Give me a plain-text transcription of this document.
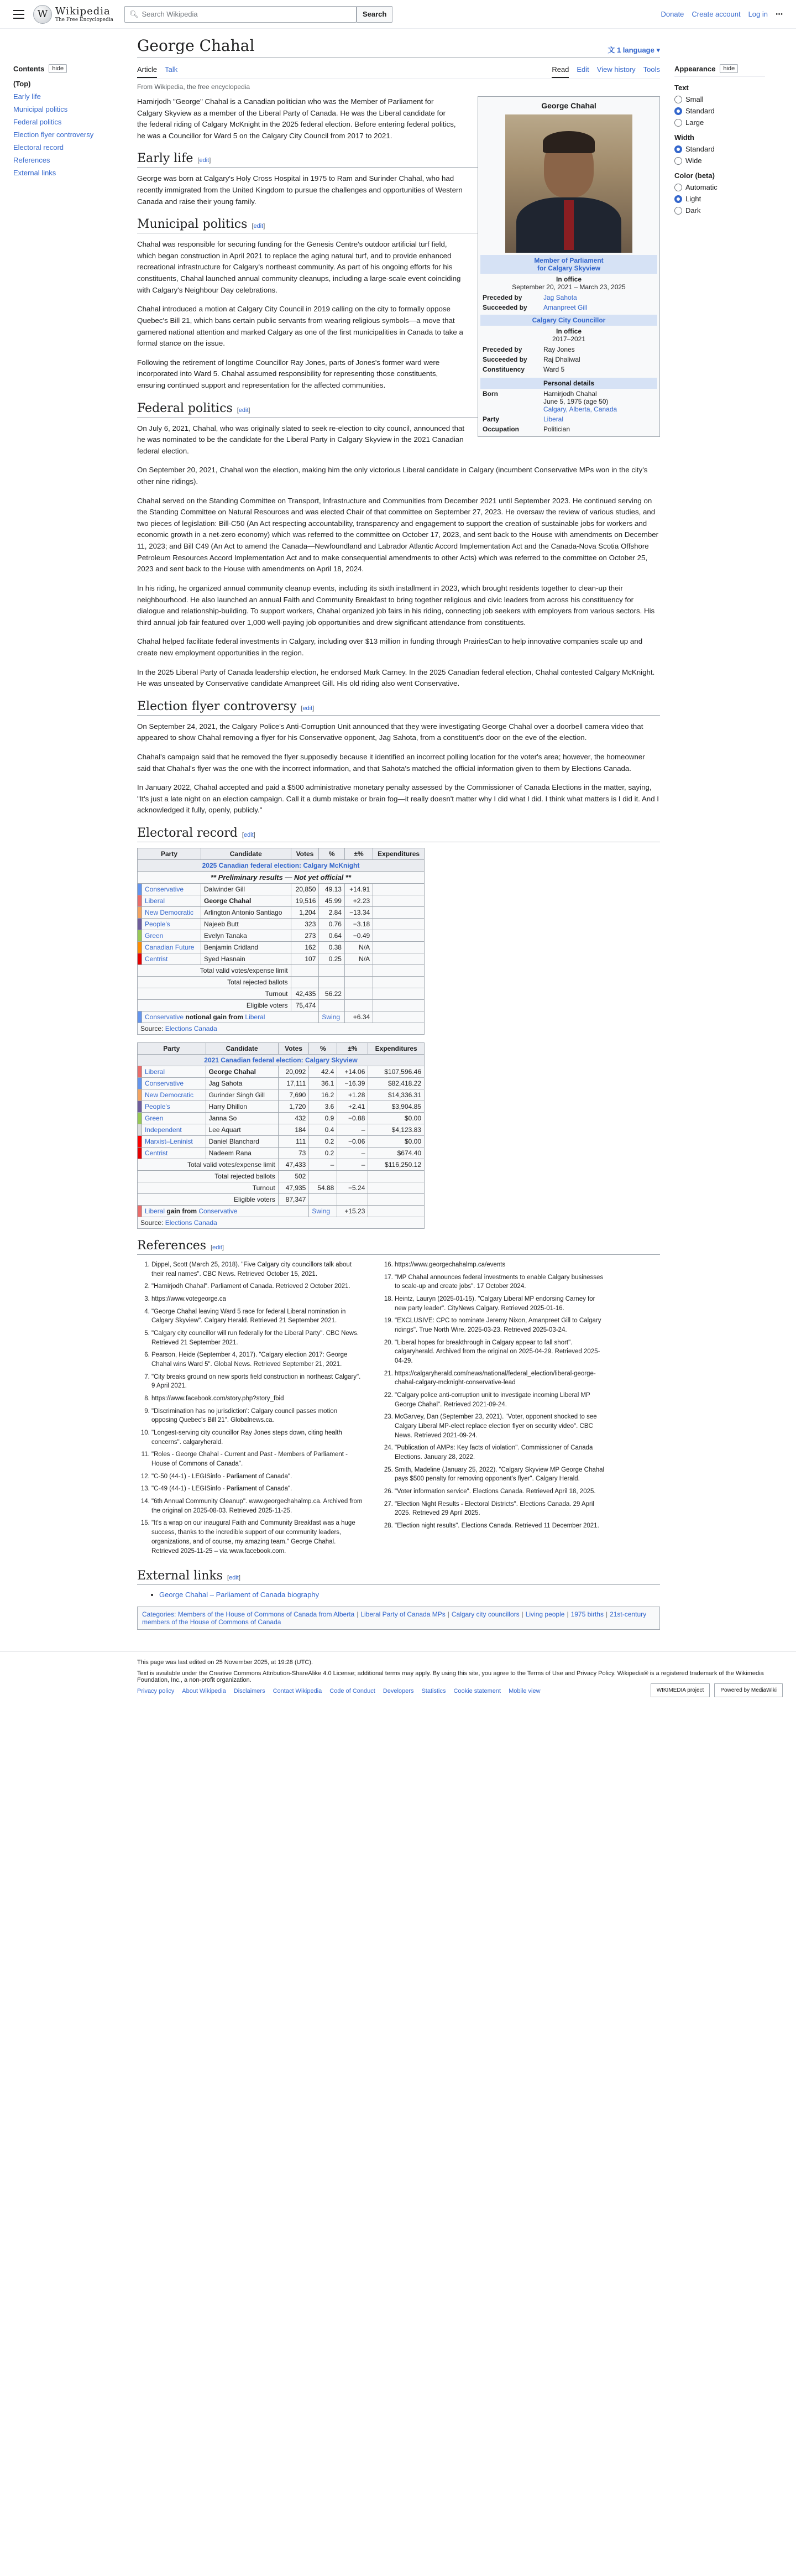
W Wikipedia
The Free Encyclopedia
🔍︎ Search Wikipedia	Search	Donate Create account Log in ⋯
Contents	hide
(Top)
Early life
Municipal politics
Federal politics
Election flyer controversy
Electoral record
References
External links
George Chahal	文︎ 1 language ▾
Article Talk	Read Edit View history Tools
From Wikipedia, the free encyclopedia
George Chahal
Member of Parliament
for Calgary Skyview
In office
September 20, 2021 – March 23, 2025
Preceded by	Jag Sahota
Succeeded by	Amanpreet Gill
Calgary City Councillor
In office
2017–2021
Preceded by	Ray Jones
Succeeded by	Raj Dhaliwal
Constituency	Ward 5
Personal details
Born	Harnirjodh Chahal
June 5, 1975 (age 50)
Calgary, Alberta, Canada
Party	Liberal
Occupation	Politician

Harnirjodh "George" Chahal is a Canadian politician who was the Member of Parliament for Calgary Skyview as a member of the Liberal Party of Canada. He was the Liberal candidate for the federal riding of Calgary McKnight in the 2025 federal election. Before entering federal politics, he was a Councillor for Ward 5 on the Calgary City Council from 2017 to 2021.

Early life [edit]

George was born at Calgary's Holy Cross Hospital in 1975 to Ram and Surinder Chahal, who had recently immigrated from the United Kingdom to pursue the challenges and opportunities of Western Canada and raise their young family.

Municipal politics [edit]

Chahal was responsible for securing funding for the Genesis Centre's outdoor artificial turf field, which began construction in April 2021 to replace the aging natural turf, and to provide enhanced recreational infrastructure for Calgary's northeast community. As part of his ongoing efforts for his constituents, Chahal launched annual community cleanups, including a large-scale event coinciding with Calgary's Neighbour Day celebrations.

Chahal introduced a motion at Calgary City Council in 2019 calling on the city to formally oppose Quebec's Bill 21, which bans certain public servants from wearing religious symbols—a move that garnered national attention and marked Calgary as one of the first municipalities in Canada to take a formal stance on the issue.

Following the retirement of longtime Councillor Ray Jones, parts of Jones's former ward were incorporated into Ward 5. Chahal assumed responsibility for representing those constituents, ensuring continued support and representation for the affected communities.

Federal politics [edit]

On July 6, 2021, Chahal, who was originally slated to seek re-election to city council, announced that he was nominated to be the candidate for the Liberal Party in Calgary Skyview in the 2021 Canadian federal election.

On September 20, 2021, Chahal won the election, making him the only victorious Liberal candidate in Calgary (incumbent Conservative MPs won in the city's other nine ridings).

Chahal served on the Standing Committee on Transport, Infrastructure and Communities from December 2021 until September 2023. He continued serving on the Standing Committee on Natural Resources and was elected Chair of that committee on September 27, 2023. He oversaw the review of various studies, and two pieces of legislation: Bill-C50 (An Act respecting accountability, transparency and engagement to support the creation of sustainable jobs for workers and economic growth in a net-zero economy) which was referred to the committee on October 17, 2023, and sent back to the House with amendments on December 11, 2023; and Bill C49 (An Act to amend the Canada—Newfoundland and Labrador Atlantic Accord Implementation Act and the Canada-Nova Scotia Offshore Petroleum Resources Accord Implementation Act and to make consequential amendments to other Acts) which was referred to the committee on October 25, 2023 and sent back to the House with amendments on April 18, 2024.

In his riding, he organized annual community cleanup events, including its sixth installment in 2023, which brought residents together to clean-up their neighbourhood. He also launched an annual Faith and Community Breakfast to bring together religious and civic leaders from across his constituency for dialogue and relationship-building. To support workers, Chahal organized job fairs in his riding, connecting job seekers with employers from various sectors. His third annual job fair featured over 1,000 well-paying job opportunities and drew significant attendance from constituents.

Chahal helped facilitate federal investments in Calgary, including over $13 million in funding through PrairiesCan to help innovative companies scale up and create new employment opportunities in the region.

In the 2025 Liberal Party of Canada leadership election, he endorsed Mark Carney. In the 2025 Canadian federal election, Chahal contested Calgary McKnight. He was unseated by Conservative candidate Amanpreet Gill. His old riding also went Conservative.

Election flyer controversy [edit]

On September 24, 2021, the Calgary Police's Anti-Corruption Unit announced that they were investigating George Chahal over a doorbell camera video that appeared to show Chahal removing a flyer for his Conservative opponent, Jag Sahota, from a constituent's door on the eve of the election.

Chahal's campaign said that he removed the flyer supposedly because it identified an incorrect polling location for the voter's area; however, the homeowner said that Chahal's flyer was the one with the incorrect information, and that Sahota's matched the official information given to them by Elections Canada.

In January 2022, Chahal accepted and paid a $500 administrative monetary penalty assessed by the Commissioner of Canada Elections in the matter, saying, "It's just a late night on an election campaign. Call it a dumb mistake or brain fog—it really doesn't matter why I did what I did. I think what matters is I did it. And I acknowledged it fully, openly, publicly."

Electoral record [edit]
2025 Canadian federal election: Calgary McKnight						
** Preliminary results — Not yet official **						
Party		Candidate	Votes	%	±%	Expenditures
	Conservative	Dalwinder Gill	20,850	49.13	+14.91	
	Liberal	George Chahal	19,516	45.99	+2.23	
	New Democratic	Arlington Antonio Santiago	1,204	2.84	−13.34	
	People's	Najeeb Butt	323	0.76	−3.18	
	Green	Evelyn Tanaka	273	0.64	−0.49	
	Canadian Future	Benjamin Cridland	162	0.38	N/A	
	Centrist	Syed Hasnain	107	0.25	N/A	
Total valid votes/expense limit						
Total rejected ballots						
Turnout			42,435	56.22		
Eligible voters			75,474			
	Conservative notional gain from Liberal			Swing	+6.34	
Source: Elections Canada						
2021 Canadian federal election: Calgary Skyview						
Party		Candidate	Votes	%	±%	Expenditures
	Liberal	George Chahal	20,092	42.4	+14.06	$107,596.46
	Conservative	Jag Sahota	17,111	36.1	−16.39	$82,418.22
	New Democratic	Gurinder Singh Gill	7,690	16.2	+1.28	$14,336.31
	People's	Harry Dhillon	1,720	3.6	+2.41	$3,904.85
	Green	Janna So	432	0.9	−0.88	$0.00
	Independent	Lee Aquart	184	0.4	–	$4,123.83
	Marxist–Leninist	Daniel Blanchard	111	0.2	−0.06	$0.00
	Centrist	Nadeem Rana	73	0.2	–	$674.40
Total valid votes/expense limit			47,433	–	–	$116,250.12
Total rejected ballots			502			
Turnout			47,935	54.88	−5.24	
Eligible voters			87,347			
	Liberal gain from Conservative			Swing	+15.23	
Source: Elections Canada						
References [edit]
1. Dippel, Scott (March 25, 2018). "Five Calgary city councillors talk about their real names". CBC News. Retrieved October 15, 2021.
2. "Harnirjodh Chahal". Parliament of Canada. Retrieved 2 October 2021.
3. https://www.votegeorge.ca
4. "George Chahal leaving Ward 5 race for federal Liberal nomination in Calgary Skyview". Calgary Herald. Retrieved 21 September 2021.
5. "Calgary city councillor will run federally for the Liberal Party". CBC News. Retrieved 21 September 2021.
6. Pearson, Heide (September 4, 2017). "Calgary election 2017: George Chahal wins Ward 5". Global News. Retrieved September 21, 2021.
7. "City breaks ground on new sports field construction in northeast Calgary". 9 April 2021.
8. https://www.facebook.com/story.php?story_fbid
9. "Discrimination has no jurisdiction': Calgary council passes motion opposing Quebec's Bill 21". Globalnews.ca.
10. "Longest-serving city councillor Ray Jones steps down, citing health concerns". calgaryherald.
11. "Roles - George Chahal - Current and Past - Members of Parliament - House of Commons of Canada".
12. "C-50 (44-1) - LEGISinfo - Parliament of Canada".
13. "C-49 (44-1) - LEGISinfo - Parliament of Canada".
14. "6th Annual Community Cleanup". www.georgechahalmp.ca. Archived from the original on 2025-08-03. Retrieved 2025-11-25.
15. "It's a wrap on our inaugural Faith and Community Breakfast was a huge success, thanks to the incredible support of our community leaders, organizations, and of course, my amazing team." George Chahal. Retrieved 2025-11-25 – via www.facebook.com.
16. https://www.georgechahalmp.ca/events
17. "MP Chahal announces federal investments to enable Calgary businesses to scale-up and create jobs". 17 October 2024.
18. Heintz, Lauryn (2025-01-15). "Calgary Liberal MP endorsing Carney for new party leader". CityNews Calgary. Retrieved 2025-01-16.
19. "EXCLUSIVE: CPC to nominate Jeremy Nixon, Amanpreet Gill to Calgary ridings". True North Wire. 2025-03-23. Retrieved 2025-03-24.
20. "Liberal hopes for breakthrough in Calgary appear to fall short". calgaryherald. Archived from the original on 2025-04-29. Retrieved 2025-04-29.
21. https://calgaryherald.com/news/national/federal_election/liberal-george-chahal-calgary-mcknight-conservative-lead
22. "Calgary police anti-corruption unit to investigate incoming Liberal MP George Chahal". Retrieved 2021-09-24.
23. McGarvey, Dan (September 23, 2021). "Voter, opponent shocked to see Calgary Liberal MP-elect replace election flyer on security video". CBC News. Retrieved 2021-09-24.
24. "Publication of AMPs: Key facts of violation". Commissioner of Canada Elections. January 28, 2022.
25. Smith, Madeline (January 25, 2022). "Calgary Skyview MP George Chahal pays $500 penalty for removing opponent's flyer". Calgary Herald.
26. "Voter information service". Elections Canada. Retrieved April 18, 2025.
27. "Election Night Results - Electoral Districts". Elections Canada. 29 April 2025. Retrieved 29 April 2025.
28. "Election night results". Elections Canada. Retrieved 11 December 2021.
External links [edit]
• George Chahal – Parliament of Canada biography
Categories: Members of the House of Commons of Canada from Alberta | Liberal Party of Canada MPs | Calgary city councillors | Living people | 1975 births | 21st-century members of the House of Commons of Canada
Appearance	hide
Text
Small
Standard
Large
Width
Standard
Wide
Color (beta)
Automatic
Light
Dark

This page was last edited on 25 November 2025, at 19:28 (UTC).

Text is available under the Creative Commons Attribution-ShareAlike 4.0 License; additional terms may apply. By using this site, you agree to the Terms of Use and Privacy Policy. Wikipedia® is a registered trademark of the Wikimedia Foundation, Inc., a non-profit organization.

Privacy policy About Wikipedia Disclaimers Contact Wikipedia Code of Conduct Developers Statistics Cookie statement Mobile view	WIKIMEDIA project	Powered by MediaWiki
